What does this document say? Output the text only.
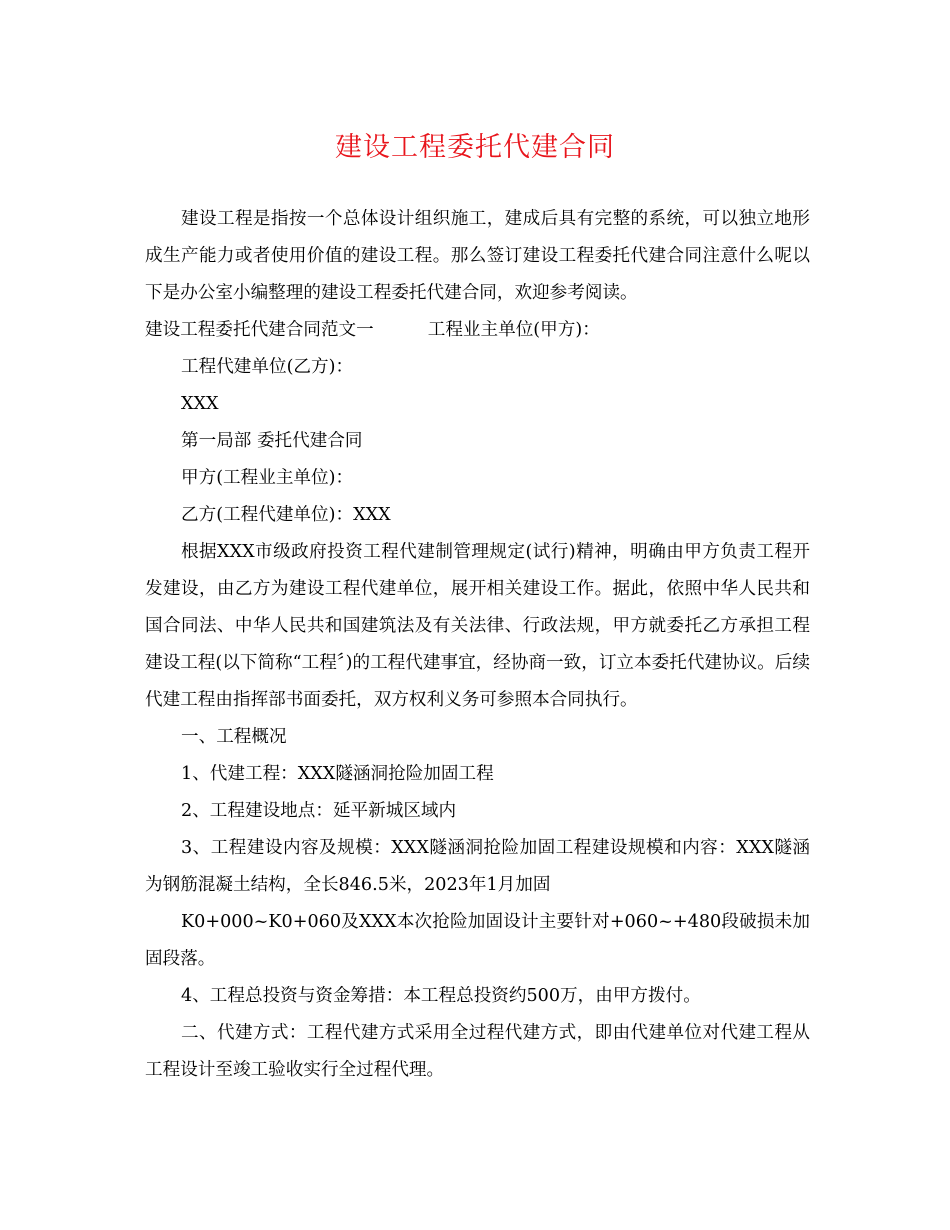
建设工程委托代建合同

建设工程是指按一个总体设计组织施工，建成后具有完整的系统，可以独立地形成生产能力或者使用价值的建设工程。那么签订建设工程委托代建合同注意什么呢以下是办公室小编整理的建设工程委托代建合同，欢迎参考阅读。

建设工程委托代建合同范文一	工程业主单位(甲方)：

工程代建单位(乙方)：

XXX

第一局部 委托代建合同

甲方(工程业主单位)：

乙方(工程代建单位)：XXX

根据XXX市级政府投资工程代建制管理规定(试行)精神，明确由甲方负责工程开发建设，由乙方为建设工程代建单位，展开相关建设工作。据此，依照中华人民共和国合同法、中华人民共和国建筑法及有关法律、行政法规，甲方就委托乙方承担工程建设工程(以下简称“工程〞)的工程代建事宜，经协商一致，订立本委托代建协议。后续代建工程由指挥部书面委托，双方权利义务可参照本合同执行。

一、工程概况

1、代建工程：XXX隧涵洞抢险加固工程

2、工程建设地点：延平新城区域内

3、工程建设内容及规模：XXX隧涵洞抢险加固工程建设规模和内容：XXX隧涵为钢筋混凝土结构，全长846.5米，2023年1月加固

K0+000~K0+060及XXX本次抢险加固设计主要针对+060~+480段破损未加固段落。

4、工程总投资与资金筹措：本工程总投资约500万，由甲方拨付。

二、代建方式：工程代建方式采用全过程代建方式，即由代建单位对代建工程从工程设计至竣工验收实行全过程代理。
